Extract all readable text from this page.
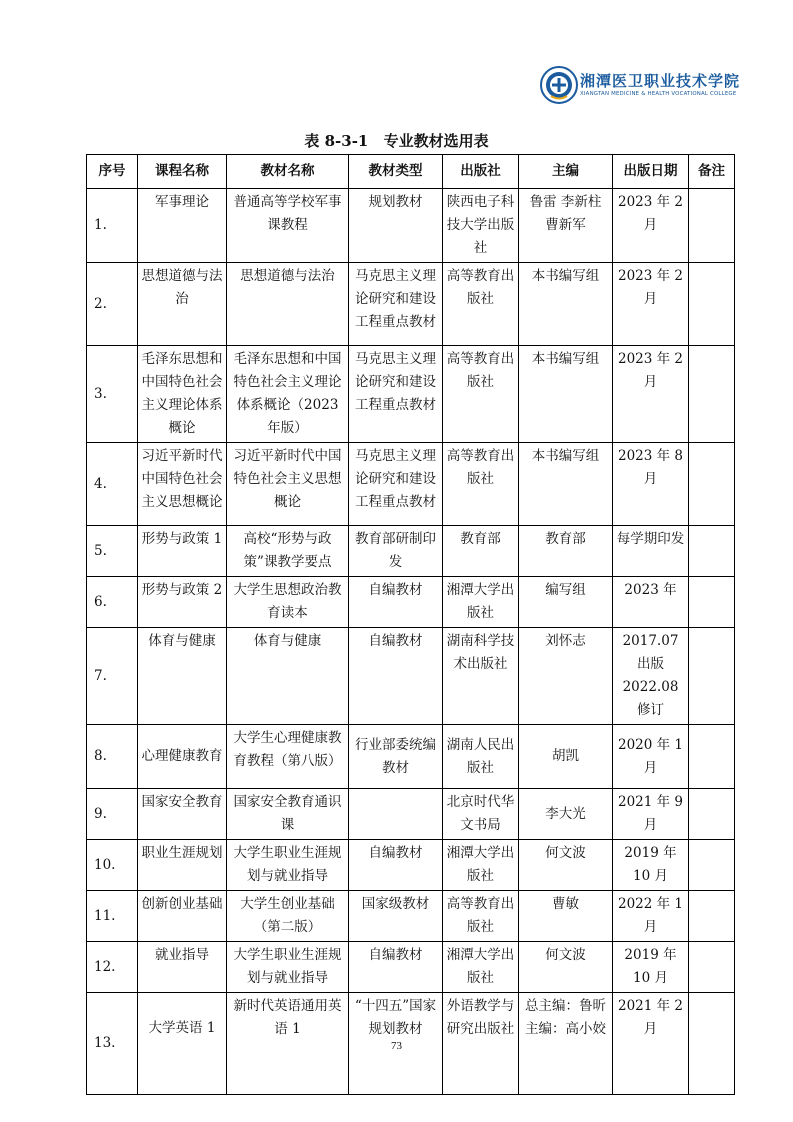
湘潭医卫职业技术学院
XIANGTAN MEDICINE & HEALTH VOCATIONAL COLLEGE
表 8-3-1 专业教材选用表
序号	课程名称	教材名称	教材类型	出版社	主编	出版日期	备注
1.	军事理论	普通高等学校军事课教程	规划教材	陕西电子科技大学出版社	鲁雷 李新柱 曹新军	2023 年 2 月	
2.	思想道德与法治	思想道德与法治	马克思主义理论研究和建设工程重点教材	高等教育出版社	本书编写组	2023 年 2 月	
3.	毛泽东思想和中国特色社会主义理论体系概论	毛泽东思想和中国特色社会主义理论体系概论（2023 年版）	马克思主义理论研究和建设工程重点教材	高等教育出版社	本书编写组	2023 年 2 月	
4.	习近平新时代中国特色社会主义思想概论	习近平新时代中国特色社会主义思想概论	马克思主义理论研究和建设工程重点教材	高等教育出版社	本书编写组	2023 年 8 月	
5.	形势与政策 1	高校“形势与政策”课教学要点	教育部研制印发	教育部	教育部	每学期印发	
6.	形势与政策 2	大学生思想政治教育读本	自编教材	湘潭大学出版社	编写组	2023 年	
7.	体育与健康	体育与健康	自编教材	湖南科学技术出版社	刘怀志	2017.07 出版 2022.08 修订	
8.	心理健康教育	大学生心理健康教育教程（第八版）	行业部委统编教材	湖南人民出版社	胡凯	2020 年 1 月	
9.	国家安全教育	国家安全教育通识课		北京时代华文书局	李大光	2021 年 9 月	
10.	职业生涯规划	大学生职业生涯规划与就业指导	自编教材	湘潭大学出版社	何文波	2019 年 10 月	
11.	创新创业基础	大学生创业基础（第二版）	国家级教材	高等教育出版社	曹敏	2022 年 1 月	
12.	就业指导	大学生职业生涯规划与就业指导	自编教材	湘潭大学出版社	何文波	2019 年 10 月	
13.	大学英语 1	新时代英语通用英语 1	“十四五”国家规划教材	外语教学与研究出版社	总主编：鲁昕 主编：高小姣	2021 年 2 月	
73
